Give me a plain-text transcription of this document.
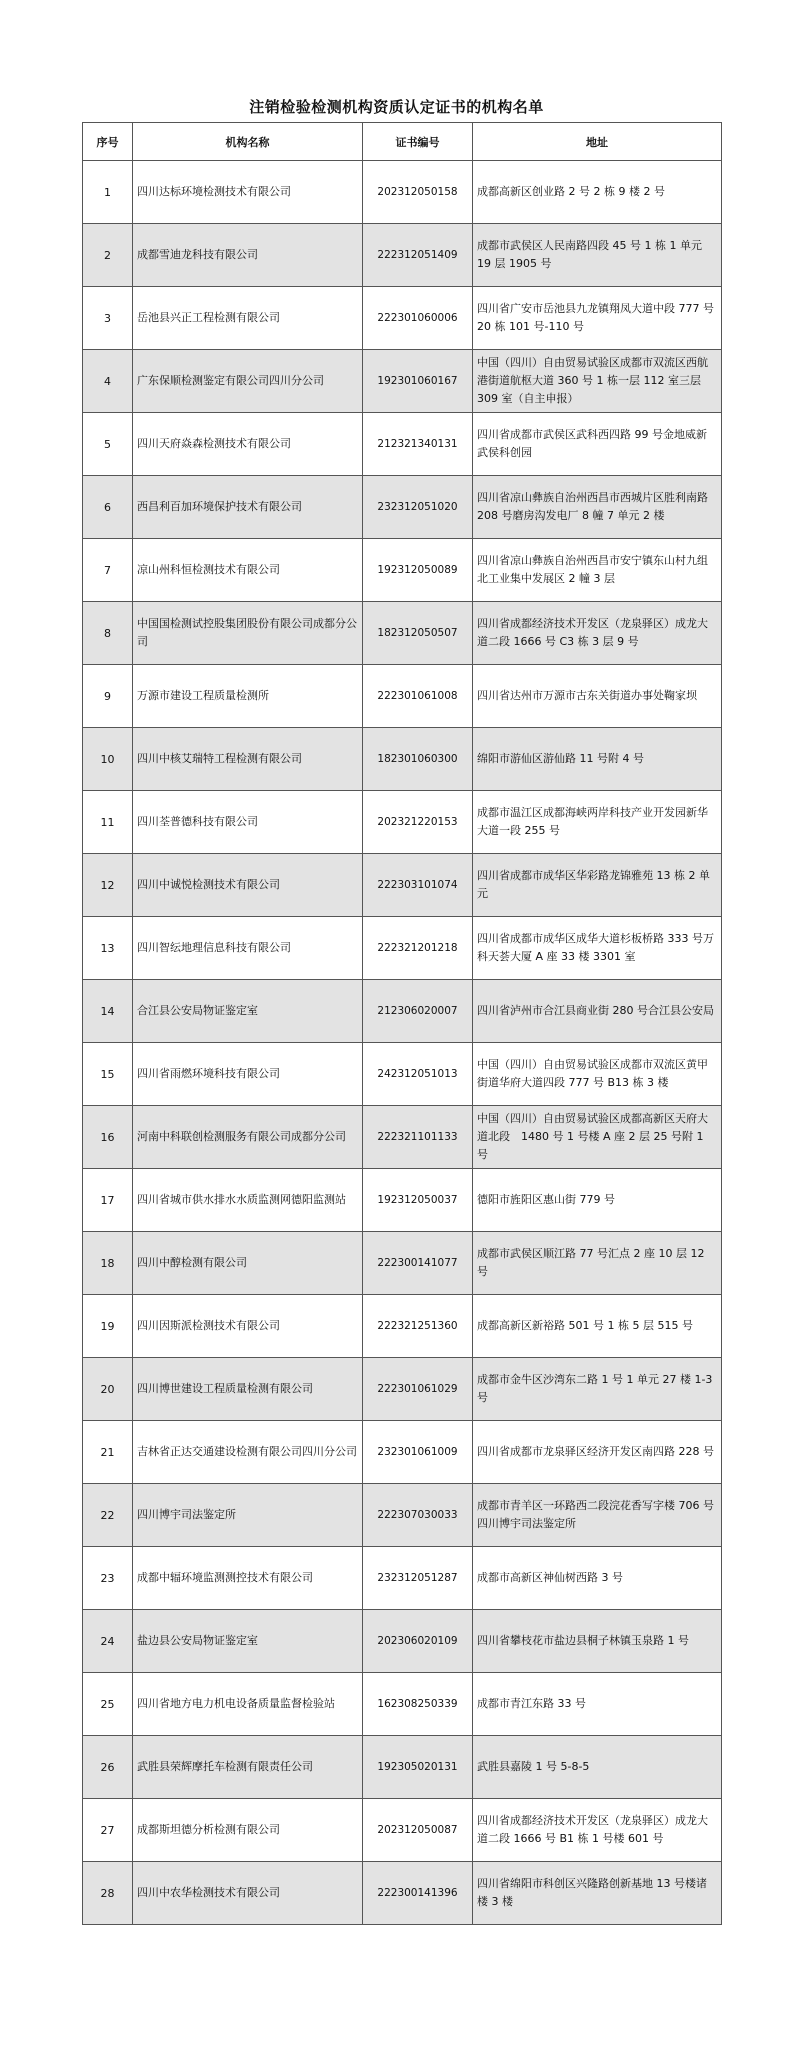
注销检验检测机构资质认定证书的机构名单
序号	机构名称	证书编号	地址
1	四川达标环境检测技术有限公司	202312050158	成都高新区创业路 2 号 2 栋 9 楼 2 号
2	成都雪迪龙科技有限公司	222312051409	成都市武侯区人民南路四段 45 号 1 栋 1 单元 19 层 1905 号
3	岳池县兴正工程检测有限公司	222301060006	四川省广安市岳池县九龙镇翔凤大道中段 777 号 20 栋 101 号-110 号
4	广东保顺检测鉴定有限公司四川分公司	192301060167	中国（四川）自由贸易试验区成都市双流区西航港街道航枢大道 360 号 1 栋一层 112 室三层 309 室（自主申报）
5	四川天府焱森检测技术有限公司	212321340131	四川省成都市武侯区武科西四路 99 号金地威新武侯科创园
6	西昌利百加环境保护技术有限公司	232312051020	四川省凉山彝族自治州西昌市西城片区胜利南路 208 号磨房沟发电厂 8 幢 7 单元 2 楼
7	凉山州科恒检测技术有限公司	192312050089	四川省凉山彝族自治州西昌市安宁镇东山村九组北工业集中发展区 2 幢 3 层
8	中国国检测试控股集团股份有限公司成都分公司	182312050507	四川省成都经济技术开发区（龙泉驿区）成龙大道二段 1666 号 C3 栋 3 层 9 号
9	万源市建设工程质量检测所	222301061008	四川省达州市万源市古东关街道办事处鞠家坝
10	四川中核艾瑞特工程检测有限公司	182301060300	绵阳市游仙区游仙路 11 号附 4 号
11	四川荃普德科技有限公司	202321220153	成都市温江区成都海峡两岸科技产业开发园新华大道一段 255 号
12	四川中诚悦检测技术有限公司	222303101074	四川省成都市成华区华彩路龙锦雅苑 13 栋 2 单元
13	四川智纭地理信息科技有限公司	222321201218	四川省成都市成华区成华大道杉板桥路 333 号万科天荟大厦 A 座 33 楼 3301 室
14	合江县公安局物证鉴定室	212306020007	四川省泸州市合江县商业街 280 号合江县公安局
15	四川省雨燃环境科技有限公司	242312051013	中国（四川）自由贸易试验区成都市双流区黄甲街道华府大道四段 777 号 B13 栋 3 楼
16	河南中科联创检测服务有限公司成都分公司	222321101133	中国（四川）自由贸易试验区成都高新区天府大道北段　1480 号 1 号楼 A 座 2 层 25 号附 1 号
17	四川省城市供水排水水质监测网德阳监测站	192312050037	德阳市旌阳区惠山街 779 号
18	四川中醇检测有限公司	222300141077	成都市武侯区顺江路 77 号汇点 2 座 10 层 12 号
19	四川因斯派检测技术有限公司	222321251360	成都高新区新裕路 501 号 1 栋 5 层 515 号
20	四川博世建设工程质量检测有限公司	222301061029	成都市金牛区沙湾东二路 1 号 1 单元 27 楼 1-3 号
21	吉林省正达交通建设检测有限公司四川分公司	232301061009	四川省成都市龙泉驿区经济开发区南四路 228 号
22	四川博宇司法鉴定所	222307030033	成都市青羊区一环路西二段浣花香写字楼 706 号四川博宇司法鉴定所
23	成都中辐环境监测测控技术有限公司	232312051287	成都市高新区神仙树西路 3 号
24	盐边县公安局物证鉴定室	202306020109	四川省攀枝花市盐边县桐子林镇玉泉路 1 号
25	四川省地方电力机电设备质量监督检验站	162308250339	成都市青江东路 33 号
26	武胜县荣辉摩托车检测有限责任公司	192305020131	武胜县嘉陵 1 号 5-8-5
27	成都斯坦德分析检测有限公司	202312050087	四川省成都经济技术开发区（龙泉驿区）成龙大道二段 1666 号 B1 栋 1 号楼 601 号
28	四川中农华检测技术有限公司	222300141396	四川省绵阳市科创区兴隆路创新基地 13 号楼诸楼 3 楼
